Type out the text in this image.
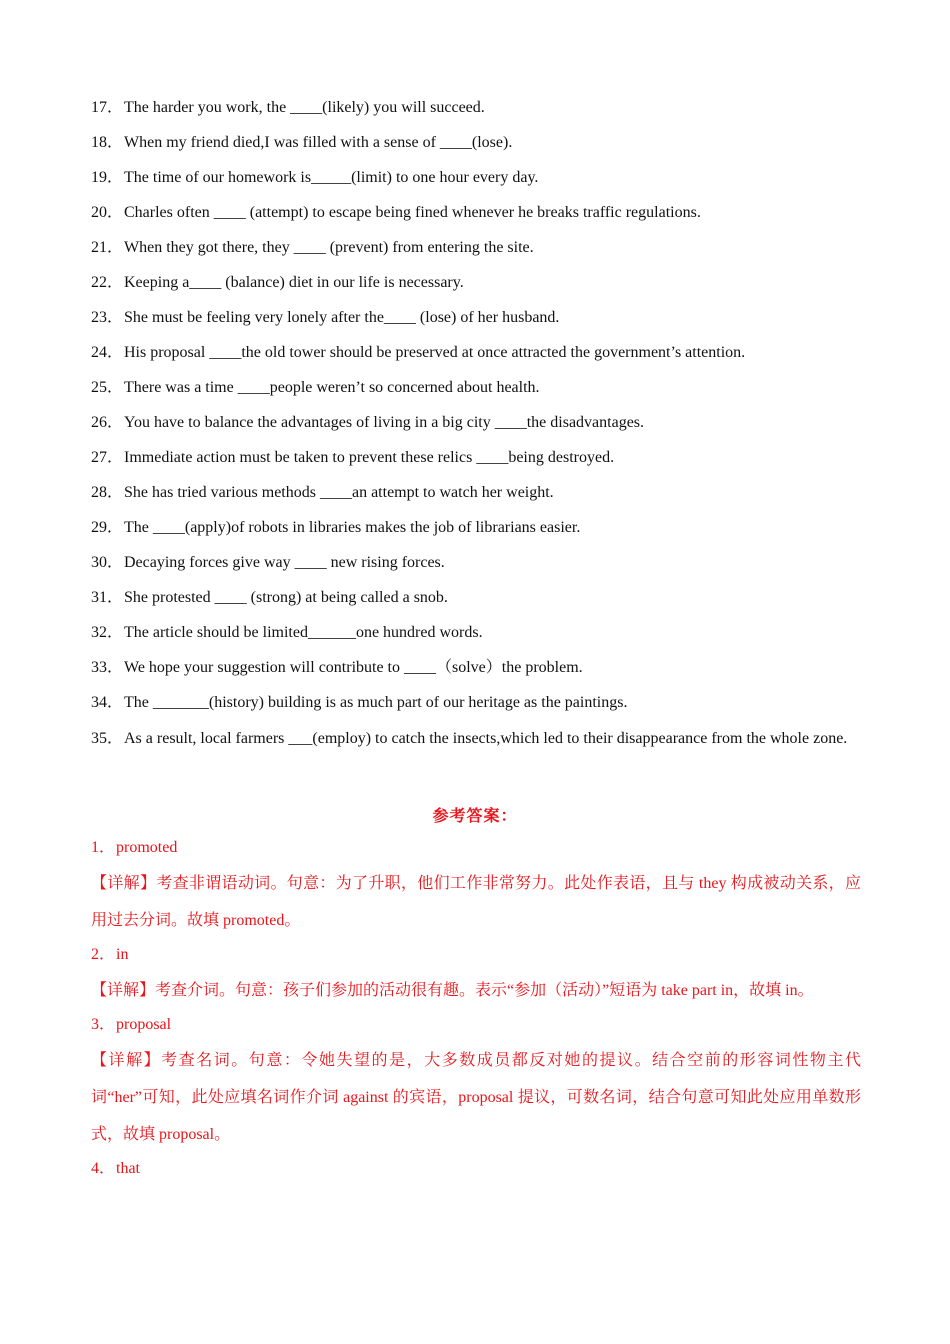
17．The harder you work, the ____(likely) you will succeed.
18．When my friend died,I was filled with a sense of ____(lose).
19．The time of our homework is_____(limit) to one hour every day.
20．Charles often ____ (attempt) to escape being fined whenever he breaks traffic regulations.
21．When they got there, they ____ (prevent) from entering the site.
22．Keeping a____ (balance) diet in our life is necessary.
23．She must be feeling very lonely after the____ (lose) of her husband.
24．His proposal ____the old tower should be preserved at once attracted the government’s attention.
25．There was a time ____people weren’t so concerned about health.
26．You have to balance the advantages of living in a big city ____the disadvantages.
27．Immediate action must be taken to prevent these relics ____being destroyed.
28．She has tried various methods ____an attempt to watch her weight.
29．The ____(apply)of robots in libraries makes the job of librarians easier.
30．Decaying forces give way ____ new rising forces.
31．She protested ____ (strong) at being called a snob.
32．The article should be limited______one hundred words.
33．We hope your suggestion will contribute to ____（solve）the problem.
34．The _______(history) building is as much part of our heritage as the paintings.
35．As a result, local farmers ___(employ) to catch the insects,which led to their disappearance from the whole zone.
参考答案：
1．promoted
【详解】考查非谓语动词。句意：为了升职，他们工作非常努力。此处作表语，且与 they 构成被动关系，应用过去分词。故填 promoted。
2．in
【详解】考查介词。句意：孩子们参加的活动很有趣。表示“参加（活动）”短语为 take part in，故填 in。
3．proposal
【详解】考查名词。句意：令她失望的是，大多数成员都反对她的提议。结合空前的形容词性物主代词“her”可知，此处应填名词作介词 against 的宾语，proposal 提议，可数名词，结合句意可知此处应用单数形式，故填 proposal。
4．that
